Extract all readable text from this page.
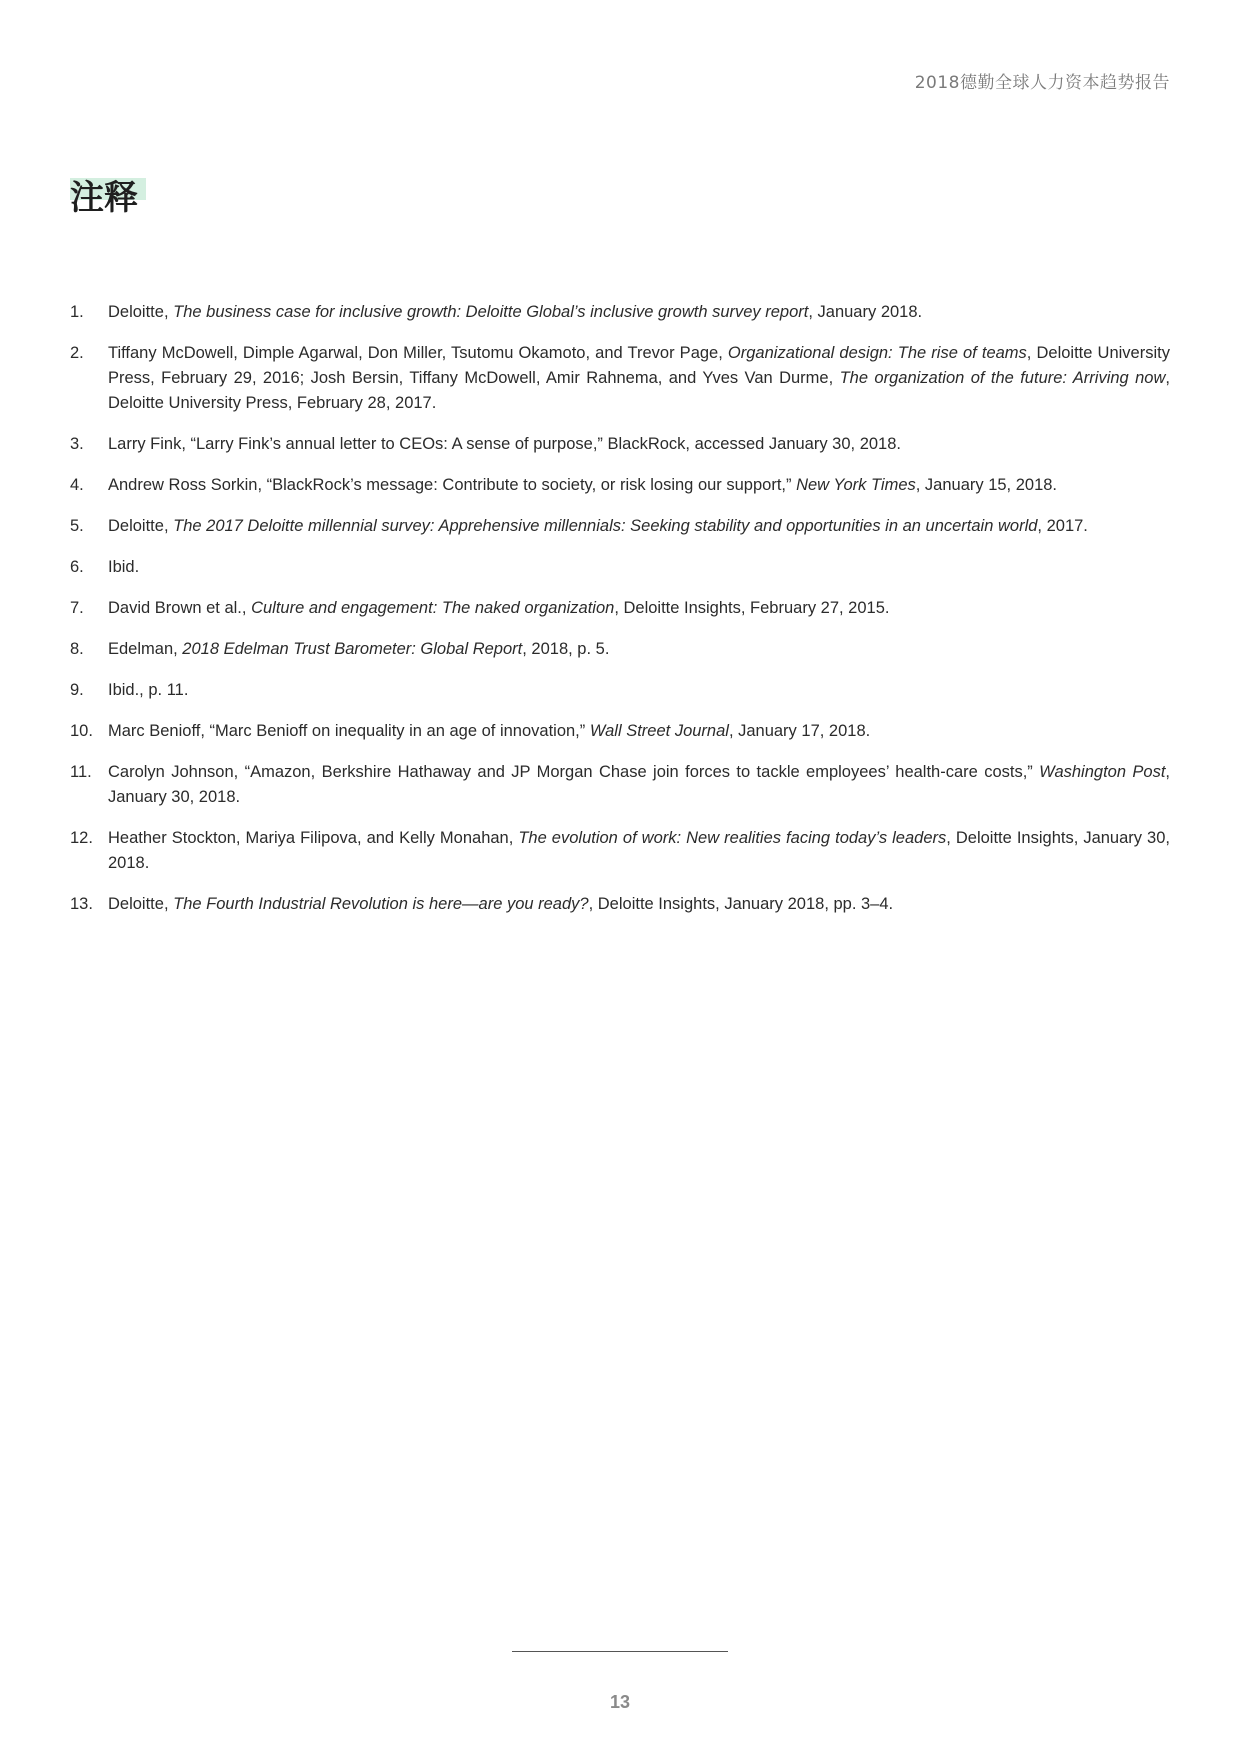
2018德勤全球人力资本趋势报告
注释
1.	Deloitte, The business case for inclusive growth: Deloitte Global’s inclusive growth survey report, January 2018.
2.	Tiffany McDowell, Dimple Agarwal, Don Miller, Tsutomu Okamoto, and Trevor Page, Organizational design: The rise of teams, Deloitte University Press, February 29, 2016; Josh Bersin, Tiffany McDowell, Amir Rahnema, and Yves Van Durme, The organization of the future: Arriving now, Deloitte University Press, February 28, 2017.
3.	Larry Fink, “Larry Fink’s annual letter to CEOs: A sense of purpose,” BlackRock, accessed January 30, 2018.
4.	Andrew Ross Sorkin, “BlackRock’s message: Contribute to society, or risk losing our support,” New York Times, January 15, 2018.
5.	Deloitte, The 2017 Deloitte millennial survey: Apprehensive millennials: Seeking stability and opportunities in an uncertain world, 2017.
6.	Ibid.
7.	David Brown et al., Culture and engagement: The naked organization, Deloitte Insights, February 27, 2015.
8.	Edelman, 2018 Edelman Trust Barometer: Global Report, 2018, p. 5.
9.	Ibid., p. 11.
10. Marc Benioff, “Marc Benioff on inequality in an age of innovation,” Wall Street Journal, January 17, 2018.
11. Carolyn Johnson, “Amazon, Berkshire Hathaway and JP Morgan Chase join forces to tackle employees’ health-care costs,” Washington Post, January 30, 2018.
12. Heather Stockton, Mariya Filipova, and Kelly Monahan, The evolution of work: New realities facing today’s leaders, Deloitte Insights, January 30, 2018.
13. Deloitte, The Fourth Industrial Revolution is here—are you ready?, Deloitte Insights, January 2018, pp. 3–4.
13
